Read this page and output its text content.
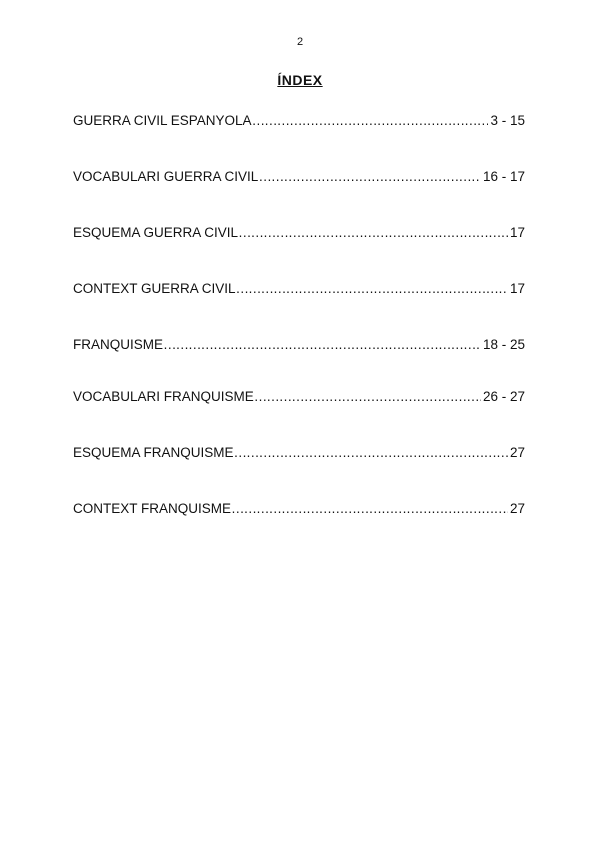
2
ÍNDEX
GUERRA CIVIL ESPANYOLA ………………………………………………………………………………………………………………………………………………	3 - 15
VOCABULARI GUERRA CIVIL ………………………………………………………………………………………………………………………………………………	16 - 17
ESQUEMA GUERRA CIVIL ………………………………………………………………………………………………………………………………………………	17
CONTEXT GUERRA CIVIL ………………………………………………………………………………………………………………………………………………	17
FRANQUISME ………………………………………………………………………………………………………………………………………………	18 - 25
VOCABULARI FRANQUISME ………………………………………………………………………………………………………………………………………………	26 - 27
ESQUEMA FRANQUISME ………………………………………………………………………………………………………………………………………………	27
CONTEXT FRANQUISME ………………………………………………………………………………………………………………………………………………	27
